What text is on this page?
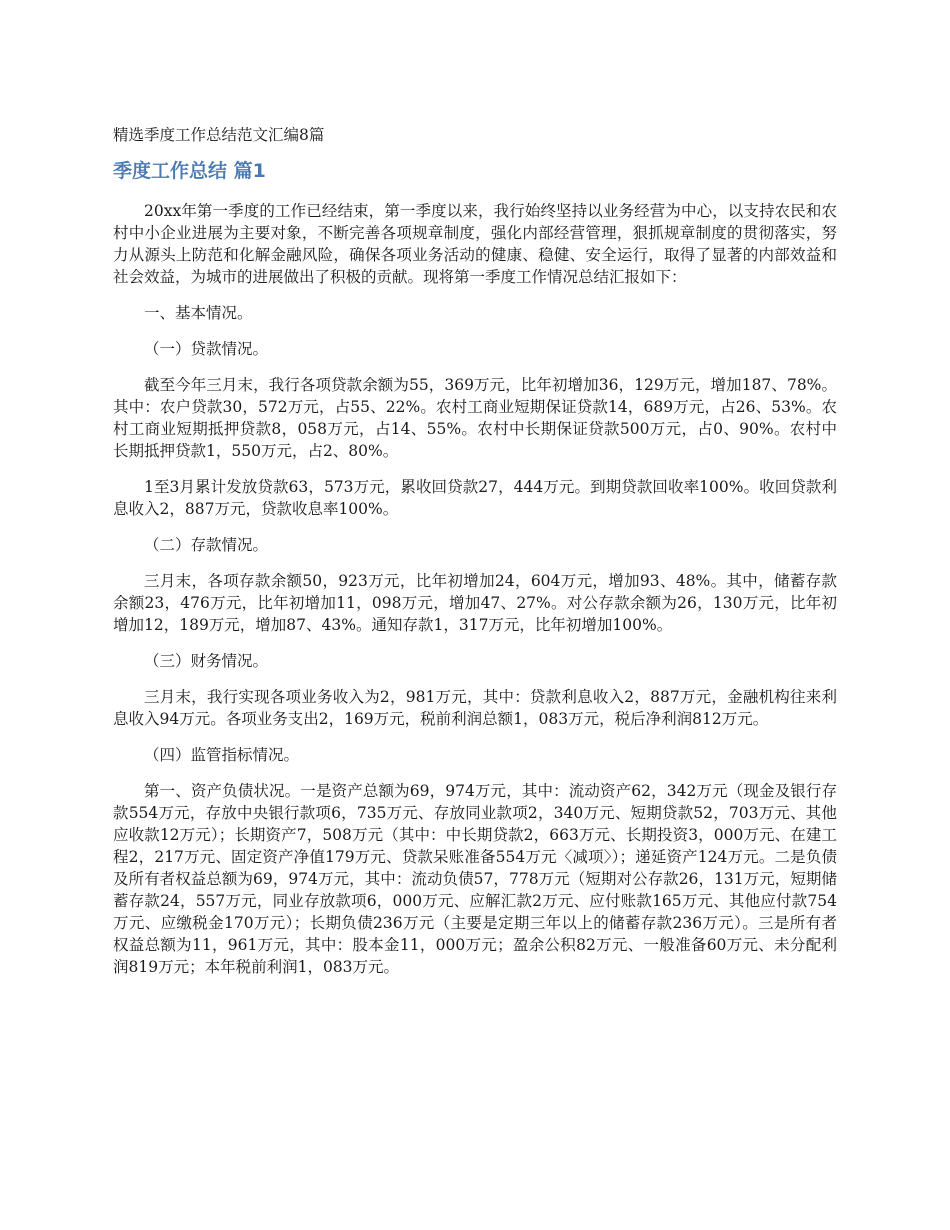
精选季度工作总结范文汇编8篇

季度工作总结 篇1

20xx年第一季度的工作已经结束，第一季度以来，我行始终坚持以业务经营为中心，以支持农民和农村中小企业进展为主要对象，不断完善各项规章制度，强化内部经营管理，狠抓规章制度的贯彻落实，努力从源头上防范和化解金融风险，确保各项业务活动的健康、稳健、安全运行，取得了显著的内部效益和社会效益，为城市的进展做出了积极的贡献。现将第一季度工作情况总结汇报如下：

一、基本情况。

（一）贷款情况。

截至今年三月末，我行各项贷款余额为55，369万元，比年初增加36，129万元，增加187、78%。其中：农户贷款30，572万元，占55、22%。农村工商业短期保证贷款14，689万元，占26、53%。农村工商业短期抵押贷款8，058万元，占14、55%。农村中长期保证贷款500万元，占0、90%。农村中长期抵押贷款1，550万元，占2、80%。

1至3月累计发放贷款63，573万元，累收回贷款27，444万元。到期贷款回收率100%。收回贷款利息收入2，887万元，贷款收息率100%。

（二）存款情况。

三月末，各项存款余额50，923万元，比年初增加24，604万元，增加93、48%。其中，储蓄存款余额23，476万元，比年初增加11，098万元，增加47、27%。对公存款余额为26，130万元，比年初增加12，189万元，增加87、43%。通知存款1，317万元，比年初增加100%。

（三）财务情况。

三月末，我行实现各项业务收入为2，981万元，其中：贷款利息收入2，887万元，金融机构往来利息收入94万元。各项业务支出2，169万元，税前利润总额1，083万元，税后净利润812万元。

（四）监管指标情况。

第一、资产负债状况。一是资产总额为69，974万元，其中：流动资产62，342万元（现金及银行存款554万元，存放中央银行款项6，735万元、存放同业款项2，340万元、短期贷款52，703万元、其他应收款12万元）；长期资产7，508万元（其中：中长期贷款2，663万元、长期投资3，000万元、在建工程2，217万元、固定资产净值179万元、贷款呆账准备554万元〈减项〉）；递延资产124万元。二是负债及所有者权益总额为69，974万元，其中：流动负债57，778万元（短期对公存款26，131万元，短期储蓄存款24，557万元，同业存放款项6，000万元、应解汇款2万元、应付账款165万元、其他应付款754万元、应缴税金170万元）；长期负债236万元（主要是定期三年以上的储蓄存款236万元）。三是所有者权益总额为11，961万元，其中：股本金11，000万元；盈余公积82万元、一般准备60万元、未分配利润819万元；本年税前利润1，083万元。
